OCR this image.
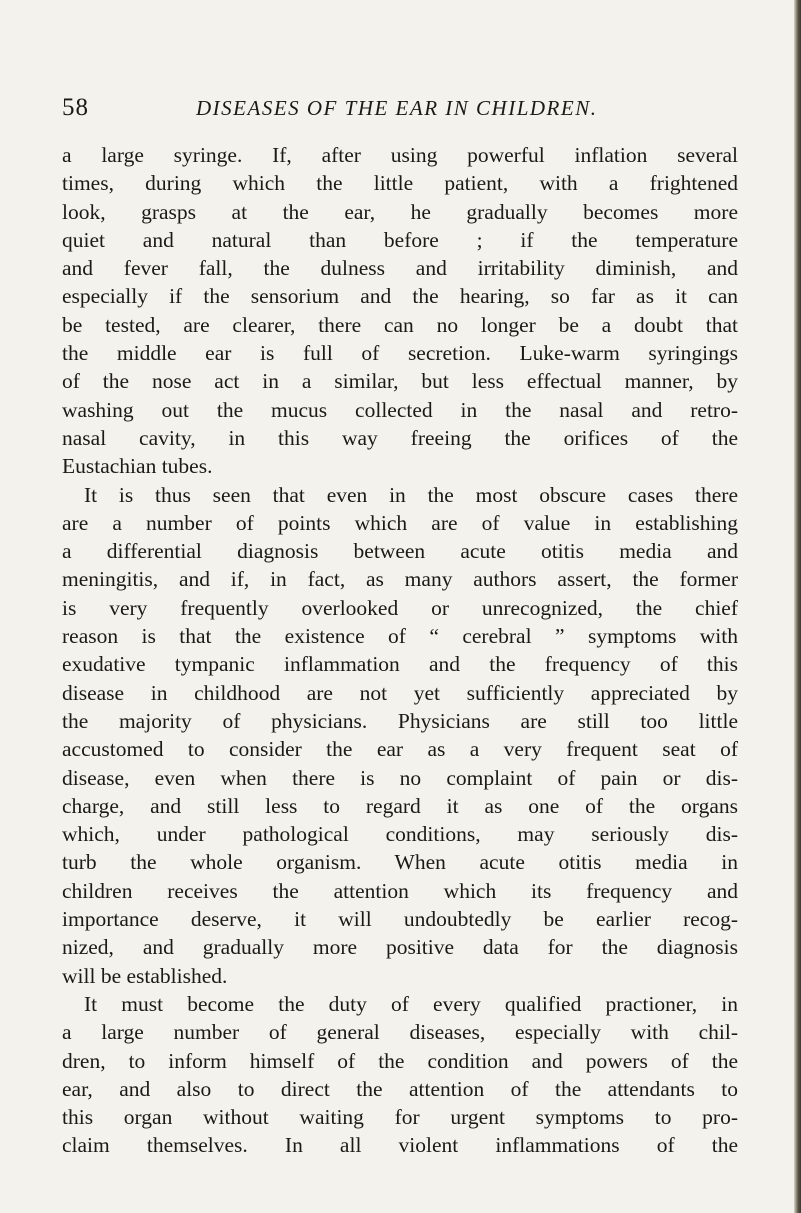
58	DISEASES OF THE EAR IN CHILDREN.
a large syringe. If, after using powerful inflation several
times, during which the little patient, with a frightened
look, grasps at the ear, he gradually becomes more
quiet and natural than before ; if the temperature
and fever fall, the dulness and irritability diminish, and
especially if the sensorium and the hearing, so far as it can
be tested, are clearer, there can no longer be a doubt that
the middle ear is full of secretion. Luke-warm syringings
of the nose act in a similar, but less effectual manner, by
washing out the mucus collected in the nasal and retro-
nasal cavity, in this way freeing the orifices of the
Eustachian tubes.
It is thus seen that even in the most obscure cases there
are a number of points which are of value in establishing
a differential diagnosis between acute otitis media and
meningitis, and if, in fact, as many authors assert, the former
is very frequently overlooked or unrecognized, the chief
reason is that the existence of “ cerebral ” symptoms with
exudative tympanic inflammation and the frequency of this
disease in childhood are not yet sufficiently appreciated by
the majority of physicians. Physicians are still too little
accustomed to consider the ear as a very frequent seat of
disease, even when there is no complaint of pain or dis-
charge, and still less to regard it as one of the organs
which, under pathological conditions, may seriously dis-
turb the whole organism. When acute otitis media in
children receives the attention which its frequency and
importance deserve, it will undoubtedly be earlier recog-
nized, and gradually more positive data for the diagnosis
will be established.
It must become the duty of every qualified practioner, in
a large number of general diseases, especially with chil-
dren, to inform himself of the condition and powers of the
ear, and also to direct the attention of the attendants to
this organ without waiting for urgent symptoms to pro-
claim themselves. In all violent inflammations of the
